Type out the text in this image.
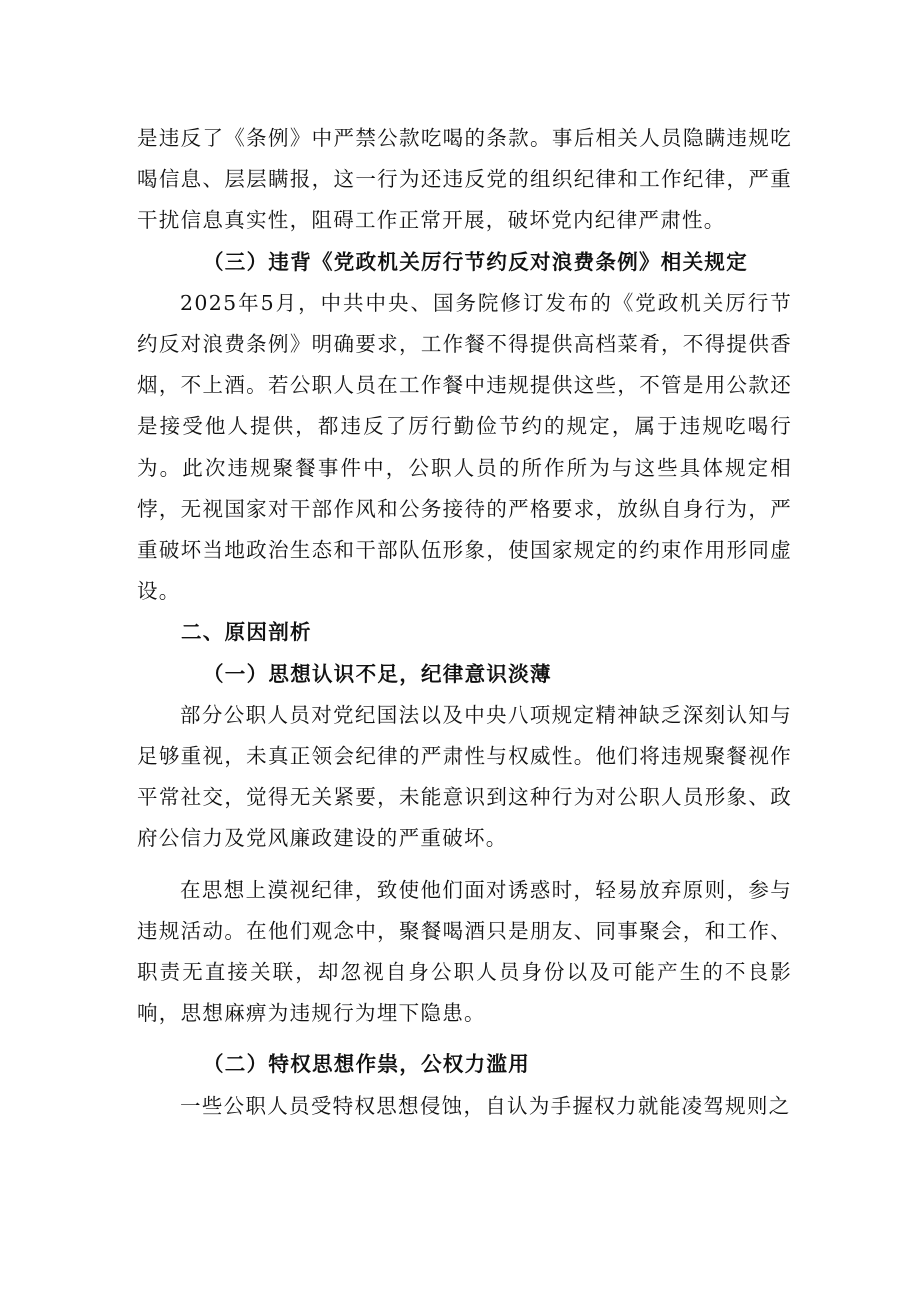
是违反了《条例》中严禁公款吃喝的条款。事后相关人员隐瞒违规吃喝信息、层层瞒报，这一行为还违反党的组织纪律和工作纪律，严重干扰信息真实性，阻碍工作正常开展，破坏党内纪律严肃性。

（三）违背《党政机关厉行节约反对浪费条例》相关规定

2025年5月，中共中央、国务院修订发布的《党政机关厉行节约反对浪费条例》明确要求，工作餐不得提供高档菜肴，不得提供香烟，不上酒。若公职人员在工作餐中违规提供这些，不管是用公款还是接受他人提供，都违反了厉行勤俭节约的规定，属于违规吃喝行为。此次违规聚餐事件中，公职人员的所作所为与这些具体规定相悖，无视国家对干部作风和公务接待的严格要求，放纵自身行为，严重破坏当地政治生态和干部队伍形象，使国家规定的约束作用形同虚设。

二、原因剖析

（一）思想认识不足，纪律意识淡薄

部分公职人员对党纪国法以及中央八项规定精神缺乏深刻认知与足够重视，未真正领会纪律的严肃性与权威性。他们将违规聚餐视作平常社交，觉得无关紧要，未能意识到这种行为对公职人员形象、政府公信力及党风廉政建设的严重破坏。

在思想上漠视纪律，致使他们面对诱惑时，轻易放弃原则，参与违规活动。在他们观念中，聚餐喝酒只是朋友、同事聚会，和工作、职责无直接关联，却忽视自身公职人员身份以及可能产生的不良影响，思想麻痹为违规行为埋下隐患。

（二）特权思想作祟，公权力滥用

一些公职人员受特权思想侵蚀，自认为手握权力就能凌驾规则之
